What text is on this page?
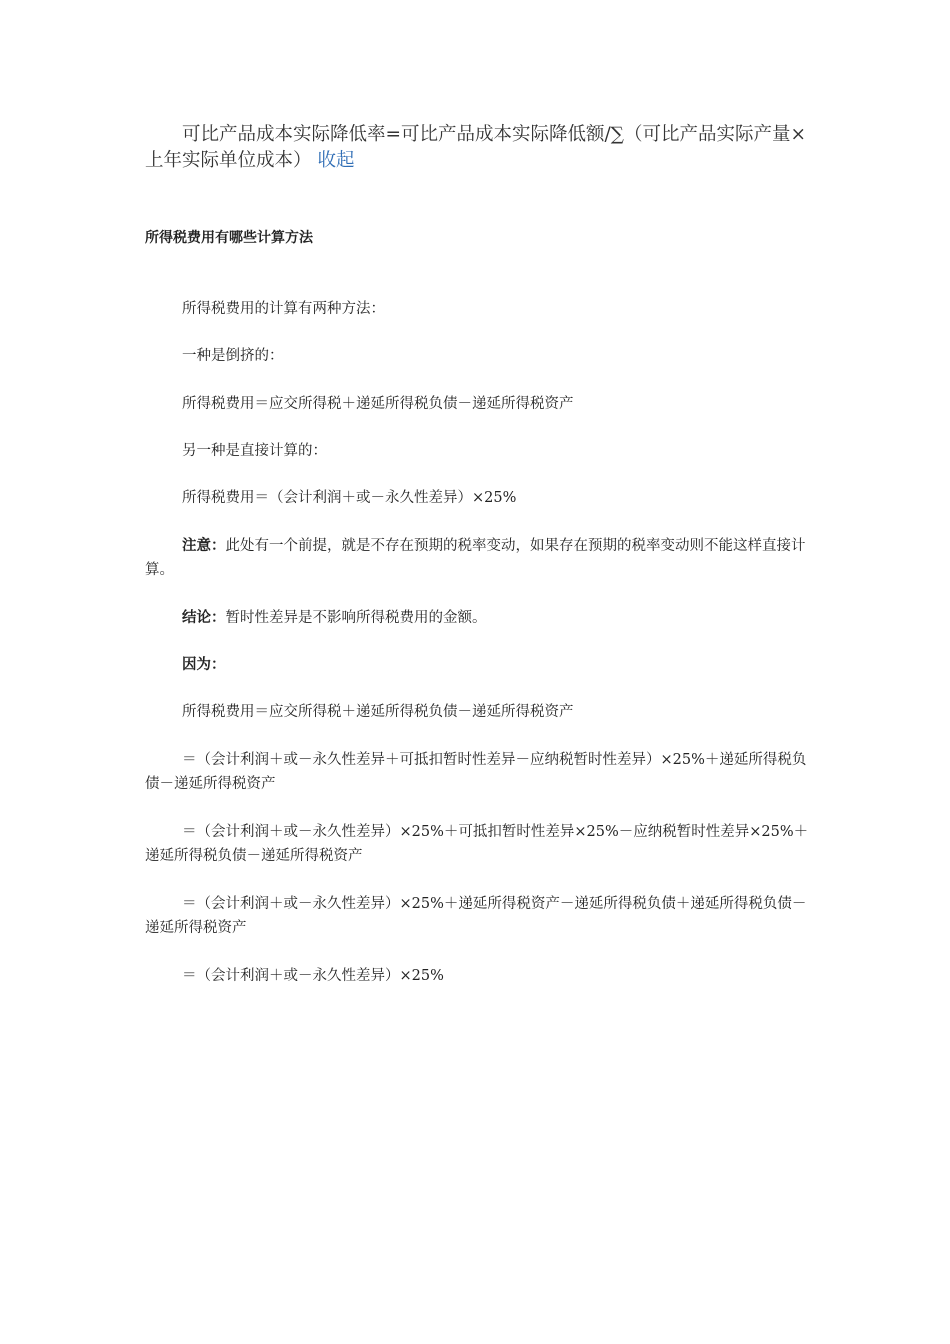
可比产品成本实际降低率=可比产品成本实际降低额/∑（可比产品实际产量×上年实际单位成本） 收起
所得税费用有哪些计算方法

所得税费用的计算有两种方法：

一种是倒挤的：

所得税费用＝应交所得税＋递延所得税负债－递延所得税资产

另一种是直接计算的：

所得税费用＝（会计利润＋或－永久性差异）×25%

注意：此处有一个前提，就是不存在预期的税率变动，如果存在预期的税率变动则不能这样直接计算。

结论：暂时性差异是不影响所得税费用的金额。

因为：

所得税费用＝应交所得税＋递延所得税负债－递延所得税资产

＝（会计利润＋或－永久性差异＋可抵扣暂时性差异－应纳税暂时性差异）×25%＋递延所得税负债－递延所得税资产

＝（会计利润＋或－永久性差异）×25%＋可抵扣暂时性差异×25%－应纳税暂时性差异×25%＋递延所得税负债－递延所得税资产

＝（会计利润＋或－永久性差异）×25%＋递延所得税资产－递延所得税负债＋递延所得税负债－递延所得税资产

＝（会计利润＋或－永久性差异）×25%
